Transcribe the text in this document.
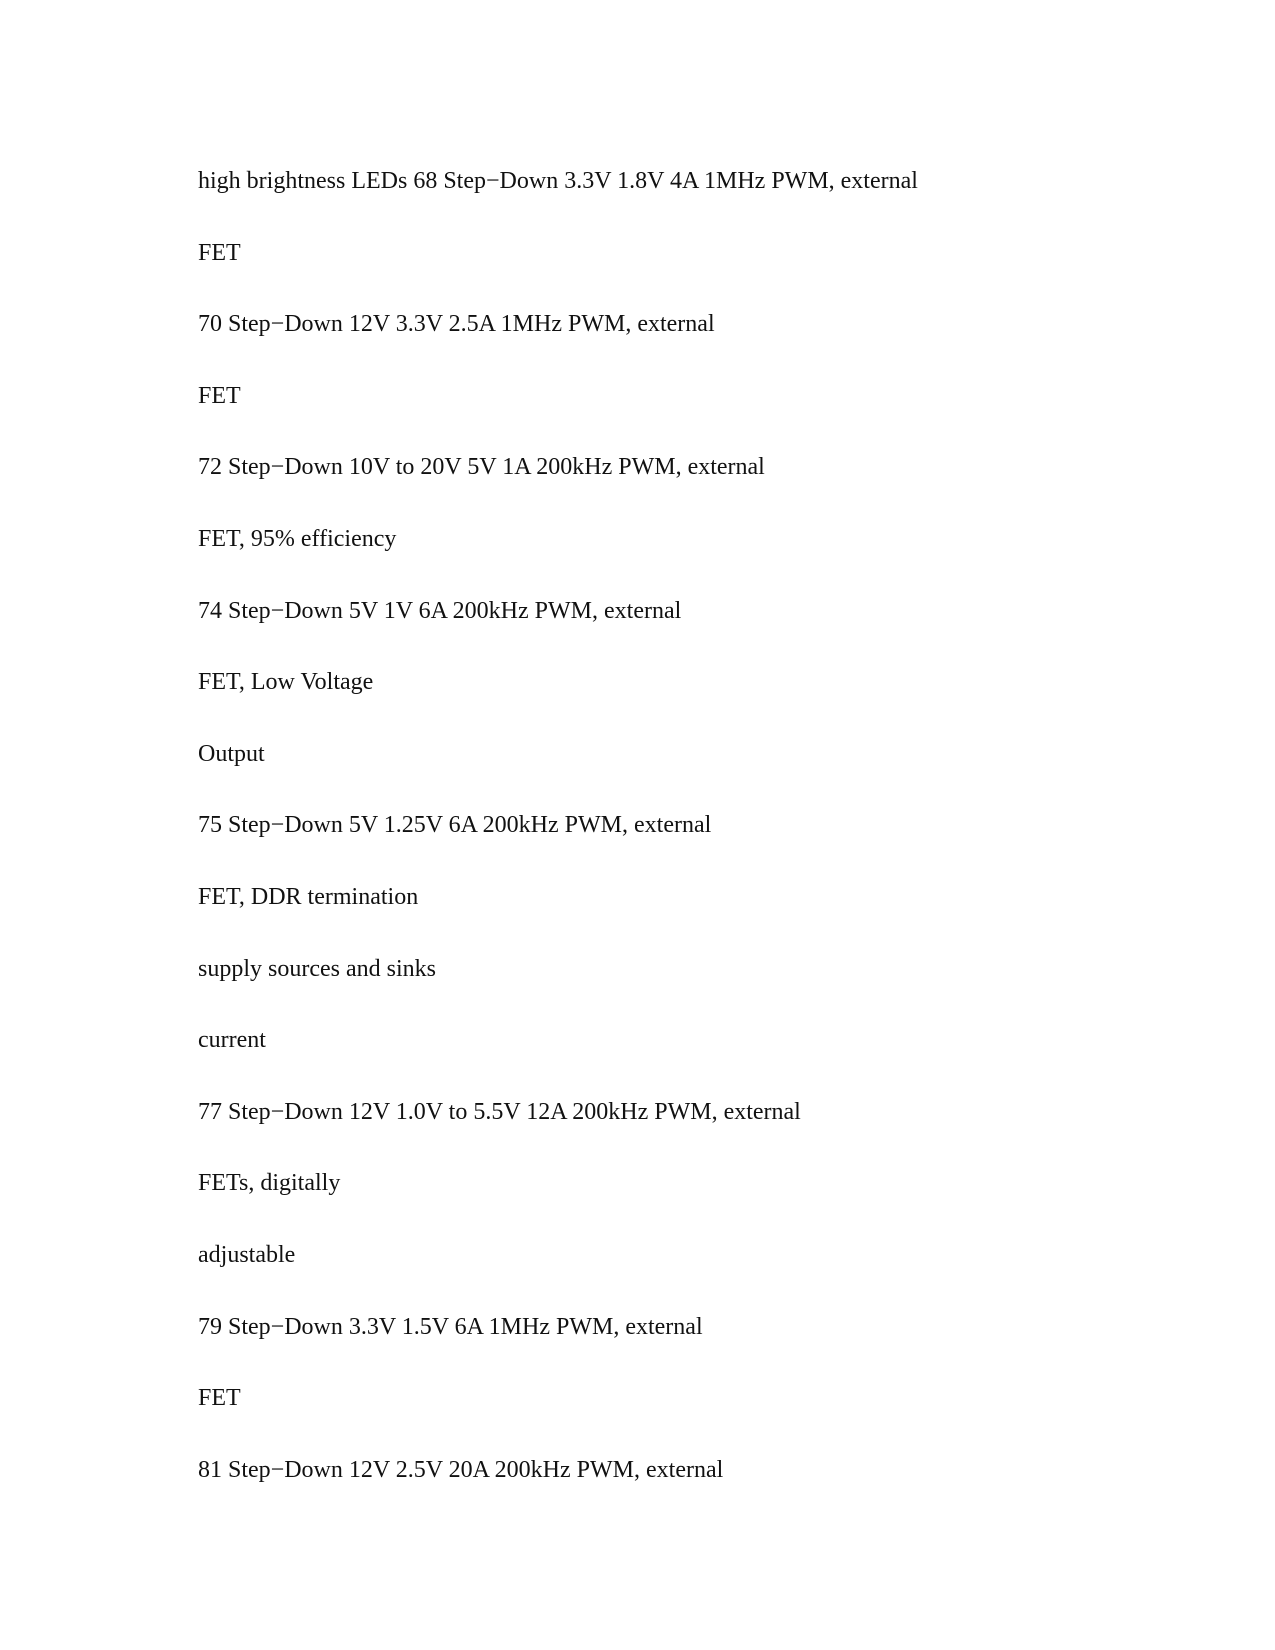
high brightness LEDs 68 Step−Down 3.3V 1.8V 4A 1MHz PWM, external
FET
70 Step−Down 12V 3.3V 2.5A 1MHz PWM, external
FET
72 Step−Down 10V to 20V 5V 1A 200kHz PWM, external
FET, 95% efficiency
74 Step−Down 5V 1V 6A 200kHz PWM, external
FET, Low Voltage
Output
75 Step−Down 5V 1.25V 6A 200kHz PWM, external
FET, DDR termination
supply sources and sinks
current
77 Step−Down 12V 1.0V to 5.5V 12A 200kHz PWM, external
FETs, digitally
adjustable
79 Step−Down 3.3V 1.5V 6A 1MHz PWM, external
FET
81 Step−Down 12V 2.5V 20A 200kHz PWM, external
